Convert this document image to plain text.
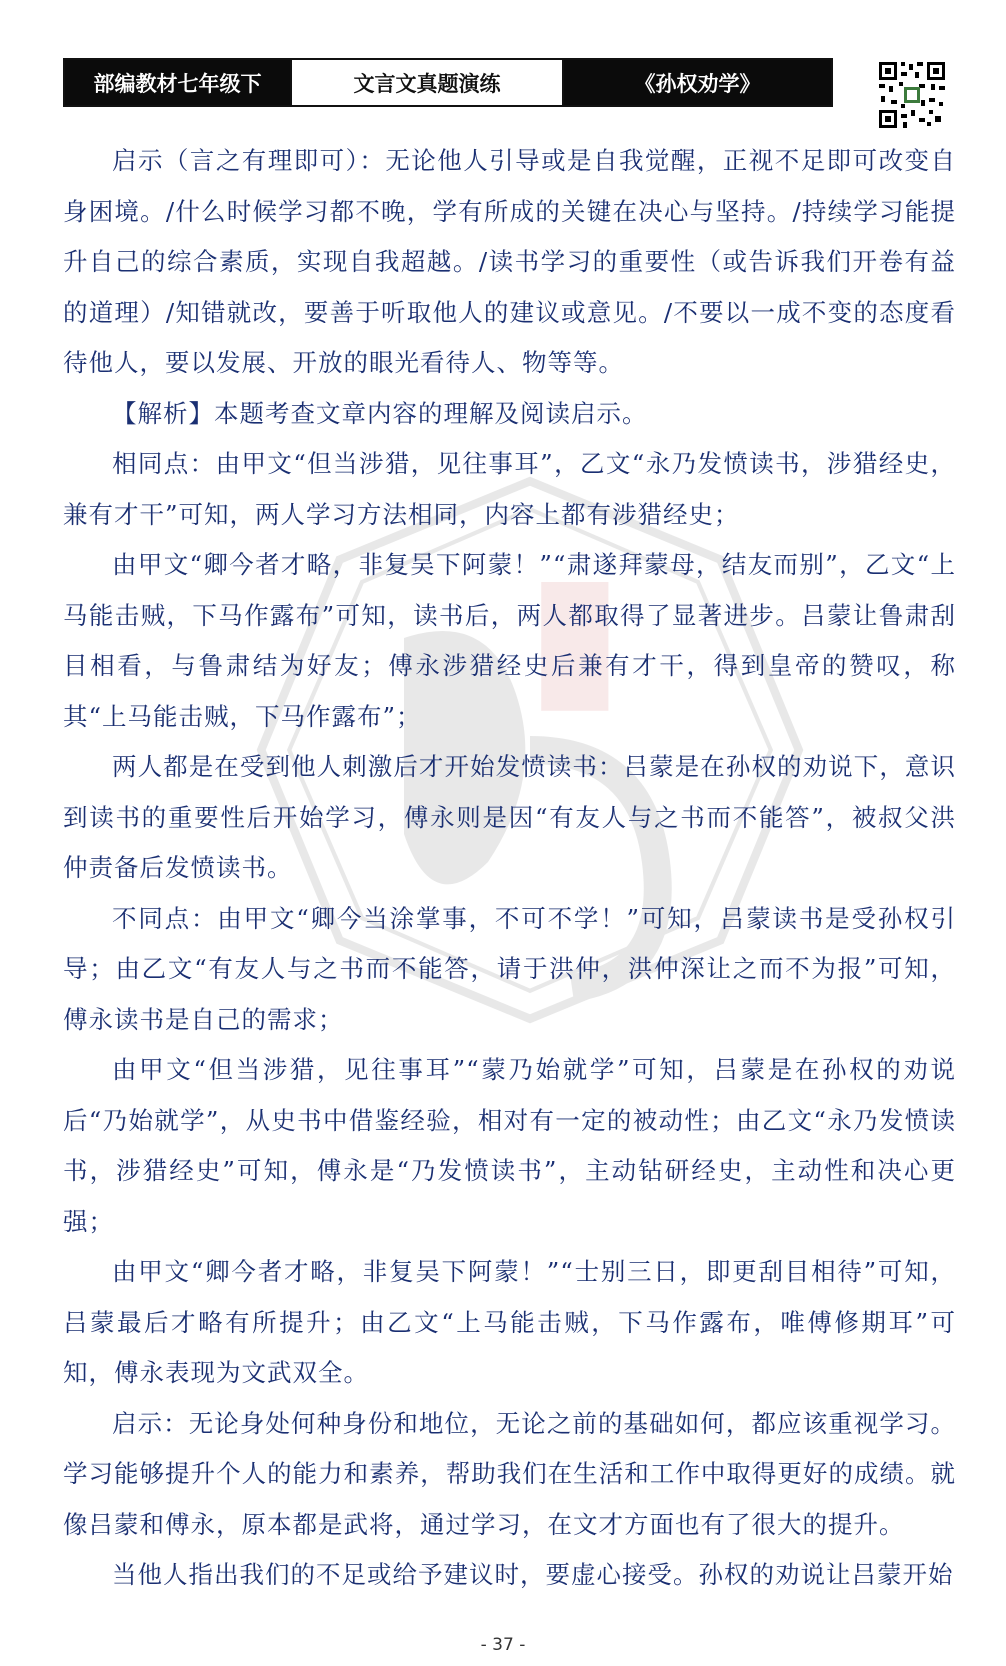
部编教材七年级下	文言文真题演练	《孙权劝学》

启示（言之有理即可）：无论他人引导或是自我觉醒，正视不足即可改变自身困境。/什么时候学习都不晚，学有所成的关键在决心与坚持。/持续学习能提升自己的综合素质，实现自我超越。/读书学习的重要性（或告诉我们开卷有益的道理）/知错就改，要善于听取他人的建议或意见。/不要以一成不变的态度看待他人，要以发展、开放的眼光看待人、物等等。

【解析】本题考查文章内容的理解及阅读启示。

相同点：由甲文“但当涉猎，见往事耳”，乙文“永乃发愤读书，涉猎经史，兼有才干”可知，两人学习方法相同，内容上都有涉猎经史；

由甲文“卿今者才略，非复吴下阿蒙！”“肃遂拜蒙母，结友而别”，乙文“上马能击贼，下马作露布”可知，读书后，两人都取得了显著进步。吕蒙让鲁肃刮目相看，与鲁肃结为好友；傅永涉猎经史后兼有才干，得到皇帝的赞叹，称其“上马能击贼，下马作露布”；

两人都是在受到他人刺激后才开始发愤读书：吕蒙是在孙权的劝说下，意识到读书的重要性后开始学习，傅永则是因“有友人与之书而不能答”，被叔父洪仲责备后发愤读书。

不同点：由甲文“卿今当涂掌事，不可不学！”可知，吕蒙读书是受孙权引导；由乙文“有友人与之书而不能答，请于洪仲，洪仲深让之而不为报”可知，傅永读书是自己的需求；

由甲文“但当涉猎，见往事耳”“蒙乃始就学”可知，吕蒙是在孙权的劝说后“乃始就学”，从史书中借鉴经验，相对有一定的被动性；由乙文“永乃发愤读书，涉猎经史”可知，傅永是“乃发愤读书”，主动钻研经史，主动性和决心更强；

由甲文“卿今者才略，非复吴下阿蒙！”“士别三日，即更刮目相待”可知，吕蒙最后才略有所提升；由乙文“上马能击贼，下马作露布，唯傅修期耳”可知，傅永表现为文武双全。

启示：无论身处何种身份和地位，无论之前的基础如何，都应该重视学习。学习能够提升个人的能力和素养，帮助我们在生活和工作中取得更好的成绩。就像吕蒙和傅永，原本都是武将，通过学习，在文才方面也有了很大的提升。

当他人指出我们的不足或给予建议时，要虚心接受。孙权的劝说让吕蒙开始

- 37 -
